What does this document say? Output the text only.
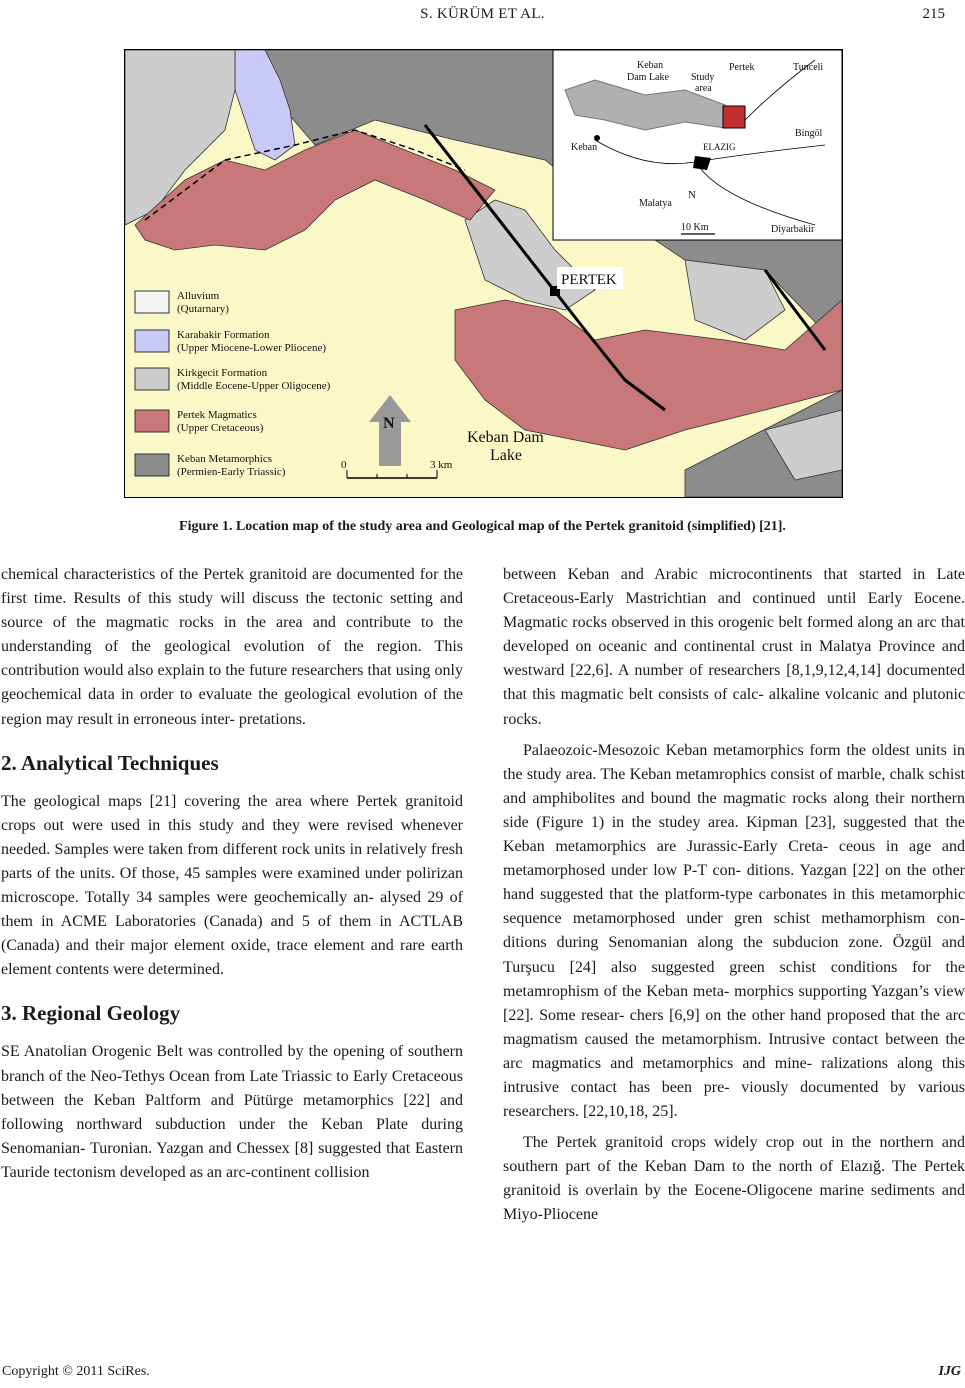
S. KÜRÜM ET AL.	215
PERTEK
Keban Dam
Lake
N
0	3 km
Alluvium
(Qutarnary)
Karabakir Formation
(Upper Miocene-Lower Pliocene)
Kirkgecit Formation
(Middle Eocene-Upper Oligocene)
Pertek Magmatics
(Upper Cretaceous)
Keban Metamorphics
(Permien-Early Triassic)
Keban
Dam Lake Study
area
Pertek	Tunceli
Bingöl
Keban	ELAZIG
Malatya
Diyarbakir
N
10 Km
Figure 1. Location map of the study area and Geological map of the Pertek granitoid (simplified) [21].

chemical characteristics of the Pertek granitoid are documented for the first time. Results of this study will discuss the tectonic setting and source of the magmatic rocks in the area and contribute to the understanding of the geological evolution of the region. This contribution would also explain to the future researchers that using only geochemical data in order to evaluate the geological evolution of the region may result in erroneous inter- pretations.

2. Analytical Techniques

The geological maps [21] covering the area where Pertek granitoid crops out were used in this study and they were revised whenever needed. Samples were taken from different rock units in relatively fresh parts of the units. Of those, 45 samples were examined under polirizan microscope. Totally 34 samples were geochemically an- alysed 29 of them in ACME Laboratories (Canada) and 5 of them in ACTLAB (Canada) and their major element oxide, trace element and rare earth element contents were determined.

3. Regional Geology

SE Anatolian Orogenic Belt was controlled by the opening of southern branch of the Neo-Tethys Ocean from Late Triassic to Early Cretaceous between the Keban Paltform and Pütürge metamorphics [22] and following northward subduction under the Keban Plate during Senomanian- Turonian. Yazgan and Chessex [8] suggested that Eastern Tauride tectonism developed as an arc-continent collision

between Keban and Arabic microcontinents that started in Late Cretaceous-Early Mastrichtian and continued until Early Eocene. Magmatic rocks observed in this orogenic belt formed along an arc that developed on oceanic and continental crust in Malatya Province and westward [22,6]. A number of researchers [8,1,9,12,4,14] documented that this magmatic belt consists of calc- alkaline volcanic and plutonic rocks.

Palaeozoic-Mesozoic Keban metamorphics form the oldest units in the study area. The Keban metamrophics consist of marble, chalk schist and amphibolites and bound the magmatic rocks along their northern side (Figure 1) in the studey area. Kipman [23], suggested that the Keban metamorphics are Jurassic-Early Creta- ceous in age and metamorphosed under low P-T con- ditions. Yazgan [22] on the other hand suggested that the platform-type carbonates in this metamorphic sequence metamorphosed under gren schist methamorphism con- ditions during Senomanian along the subducion zone. Özgül and Turşucu [24] also suggested green schist conditions for the metamrophism of the Keban meta- morphics supporting Yazgan’s view [22]. Some resear- chers [6,9] on the other hand proposed that the arc magmatism caused the metamorphism. Intrusive contact between the arc magmatics and metamorphics and mine- ralizations along this intrusive contact has been pre- viously documented by various researchers. [22,10,18, 25].

The Pertek granitoid crops widely crop out in the northern and southern part of the Keban Dam to the north of Elazığ. The Pertek granitoid is overlain by the Eocene-Oligocene marine sediments and Miyo-Pliocene

Copyright © 2011 SciRes.	IJG
